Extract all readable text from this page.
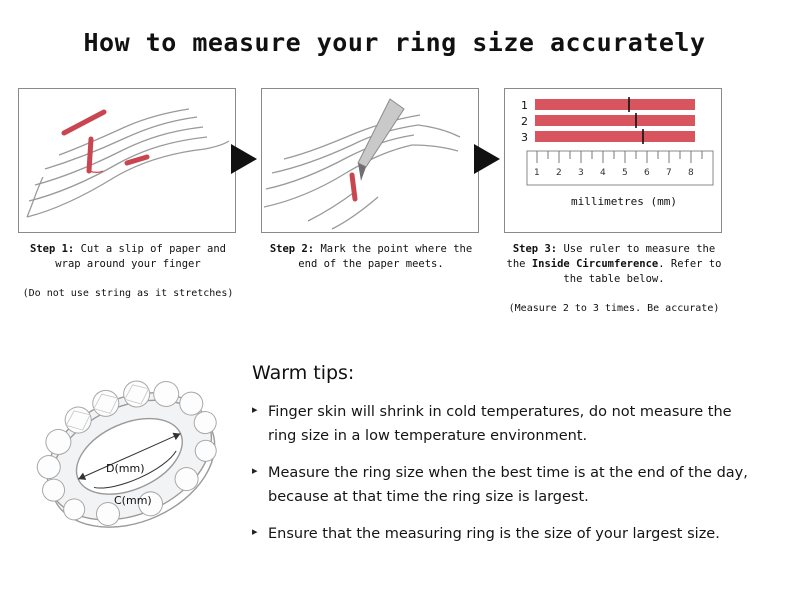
How to measure your ring size accurately
Step 1: Cut a slip of paper and wrap around your finger
(Do not use string as it stretches)
Step 2: Mark the point where the end of the paper meets.
1
2
3
1 2 3 4 5 6 7 8
millimetres (mm)
Step 3: Use ruler to measure the the Inside Circumference. Refer to the table below.
(Measure 2 to 3 times. Be accurate)
D(mm)
C(mm)
Warm tips:
▸ Finger skin will shrink in cold temperatures, do not measure the ring size in a low temperature environment.
▸ Measure the ring size when the best time is at the end of the day, because at that time the ring size is largest.
▸ Ensure that the measuring ring is the size of your largest size.
